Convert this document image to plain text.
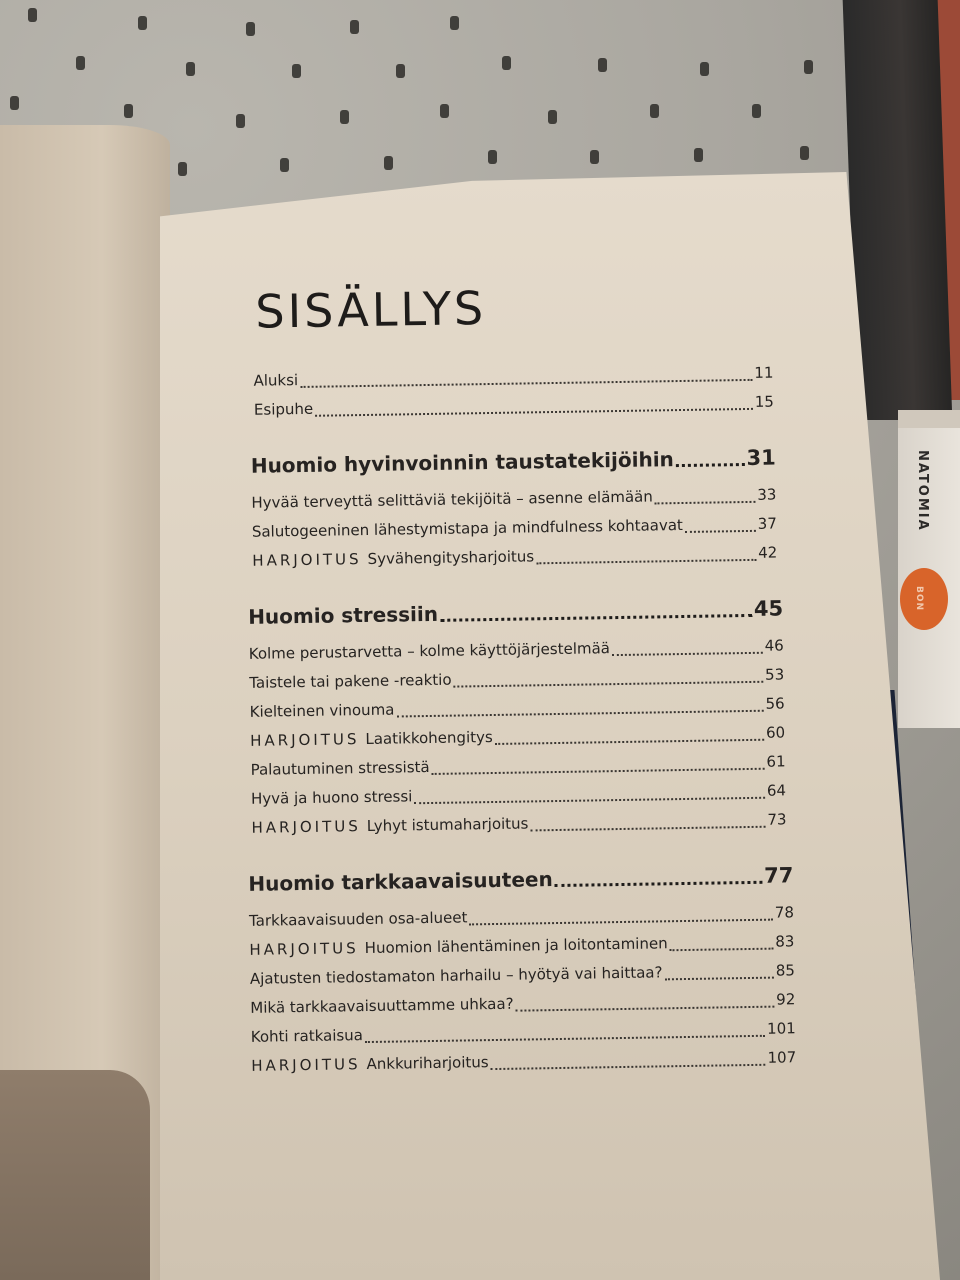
NATOMIA
BON
SISÄLLYS
Aluksi	11
Esipuhe	15
Huomio hyvinvoinnin taustatekijöihin	31
Hyvää terveyttä selittäviä tekijöitä – asenne elämään	33
Salutogeeninen lähestymistapa ja mindfulness kohtaavat	37
HARJOITUS Syvähengitysharjoitus	42
Huomio stressiin	45
Kolme perustarvetta – kolme käyttöjärjestelmää	46
Taistele tai pakene -reaktio	53
Kielteinen vinouma	56
HARJOITUS Laatikkohengitys	60
Palautuminen stressistä	61
Hyvä ja huono stressi	64
HARJOITUS Lyhyt istumaharjoitus	73
Huomio tarkkaavaisuuteen	77
Tarkkaavaisuuden osa-alueet	78
HARJOITUS Huomion lähentäminen ja loitontaminen	83
Ajatusten tiedostamaton harhailu – hyötyä vai haittaa?	85
Mikä tarkkaavaisuuttamme uhkaa?	92
Kohti ratkaisua	101
HARJOITUS Ankkuriharjoitus	107
